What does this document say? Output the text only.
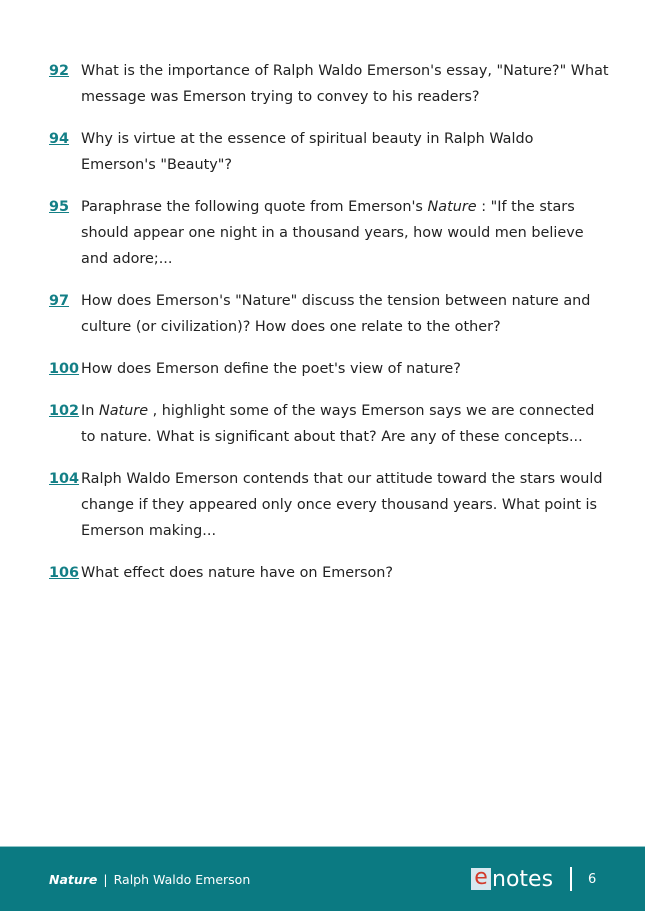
92 What is the importance of Ralph Waldo Emerson's essay, "Nature?" What message was Emerson trying to convey to his readers?
94 Why is virtue at the essence of spiritual beauty in Ralph Waldo Emerson's "Beauty"?
95 Paraphrase the following quote from Emerson's Nature : "If the stars should appear one night in a thousand years, how would men believe and adore;...
97 How does Emerson's "Nature" discuss the tension between nature and culture (or civilization)? How does one relate to the other?
100 How does Emerson define the poet's view of nature?
102 In Nature , highlight some of the ways Emerson says we are connected to nature. What is significant about that? Are any of these concepts...
104 Ralph Waldo Emerson contends that our attitude toward the stars would change if they appeared only once every thousand years. What point is Emerson making...
106 What effect does nature have on Emerson?
Nature | Ralph Waldo Emerson	e notes	6
